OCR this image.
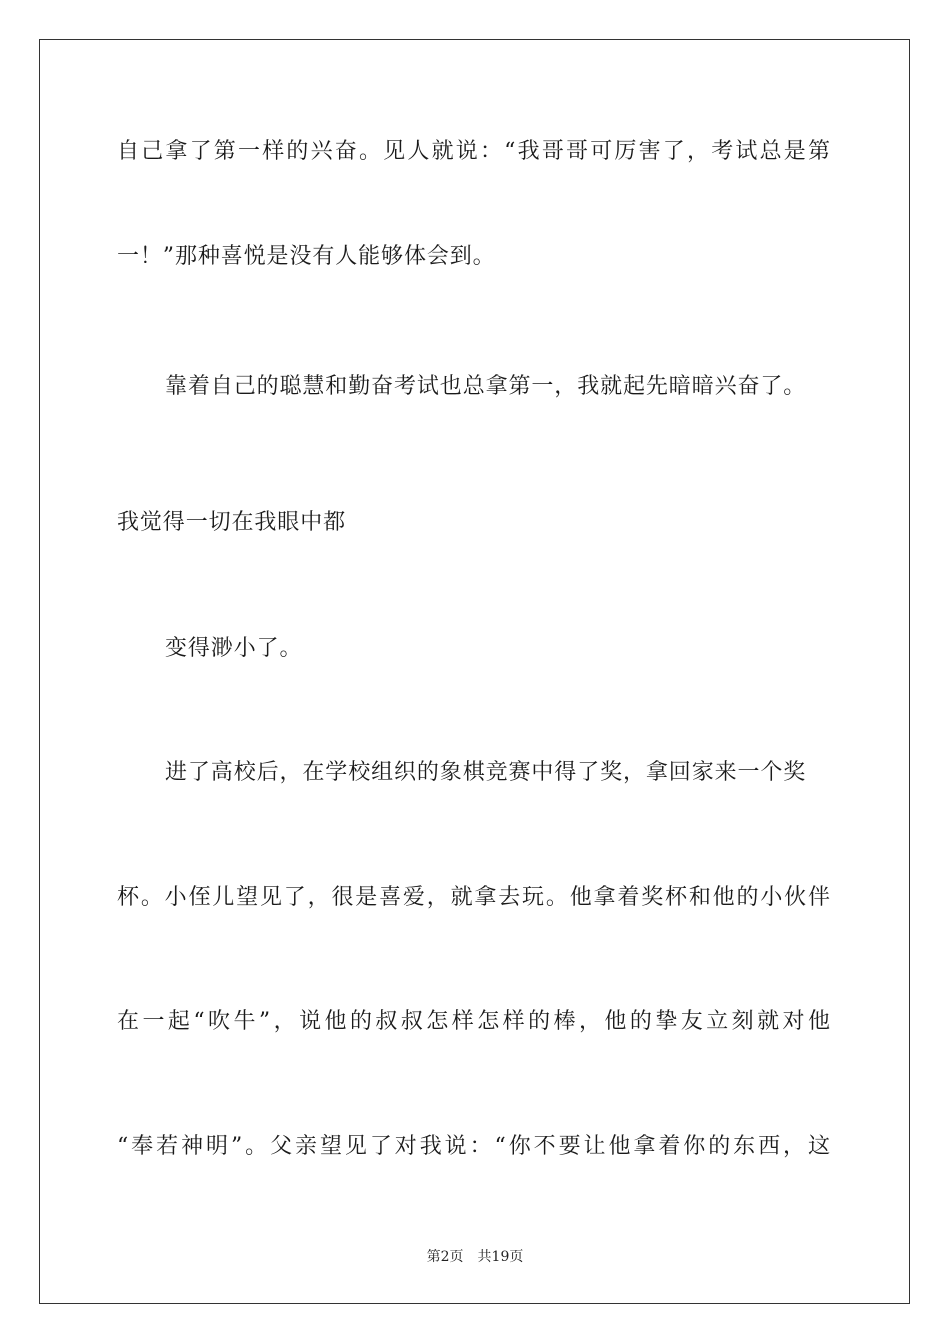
自己拿了第一样的兴奋。见人就说：“我哥哥可厉害了，考试总是第
一！”那种喜悦是没有人能够体会到。
靠着自己的聪慧和勤奋考试也总拿第一，我就起先暗暗兴奋了。
我觉得一切在我眼中都
变得渺小了。
进了高校后，在学校组织的象棋竞赛中得了奖，拿回家来一个奖
杯。小侄儿望见了，很是喜爱，就拿去玩。他拿着奖杯和他的小伙伴
在一起“吹牛”，说他的叔叔怎样怎样的棒，他的挚友立刻就对他
“奉若神明”。父亲望见了对我说：“你不要让他拿着你的东西，这
第2页 共19页
